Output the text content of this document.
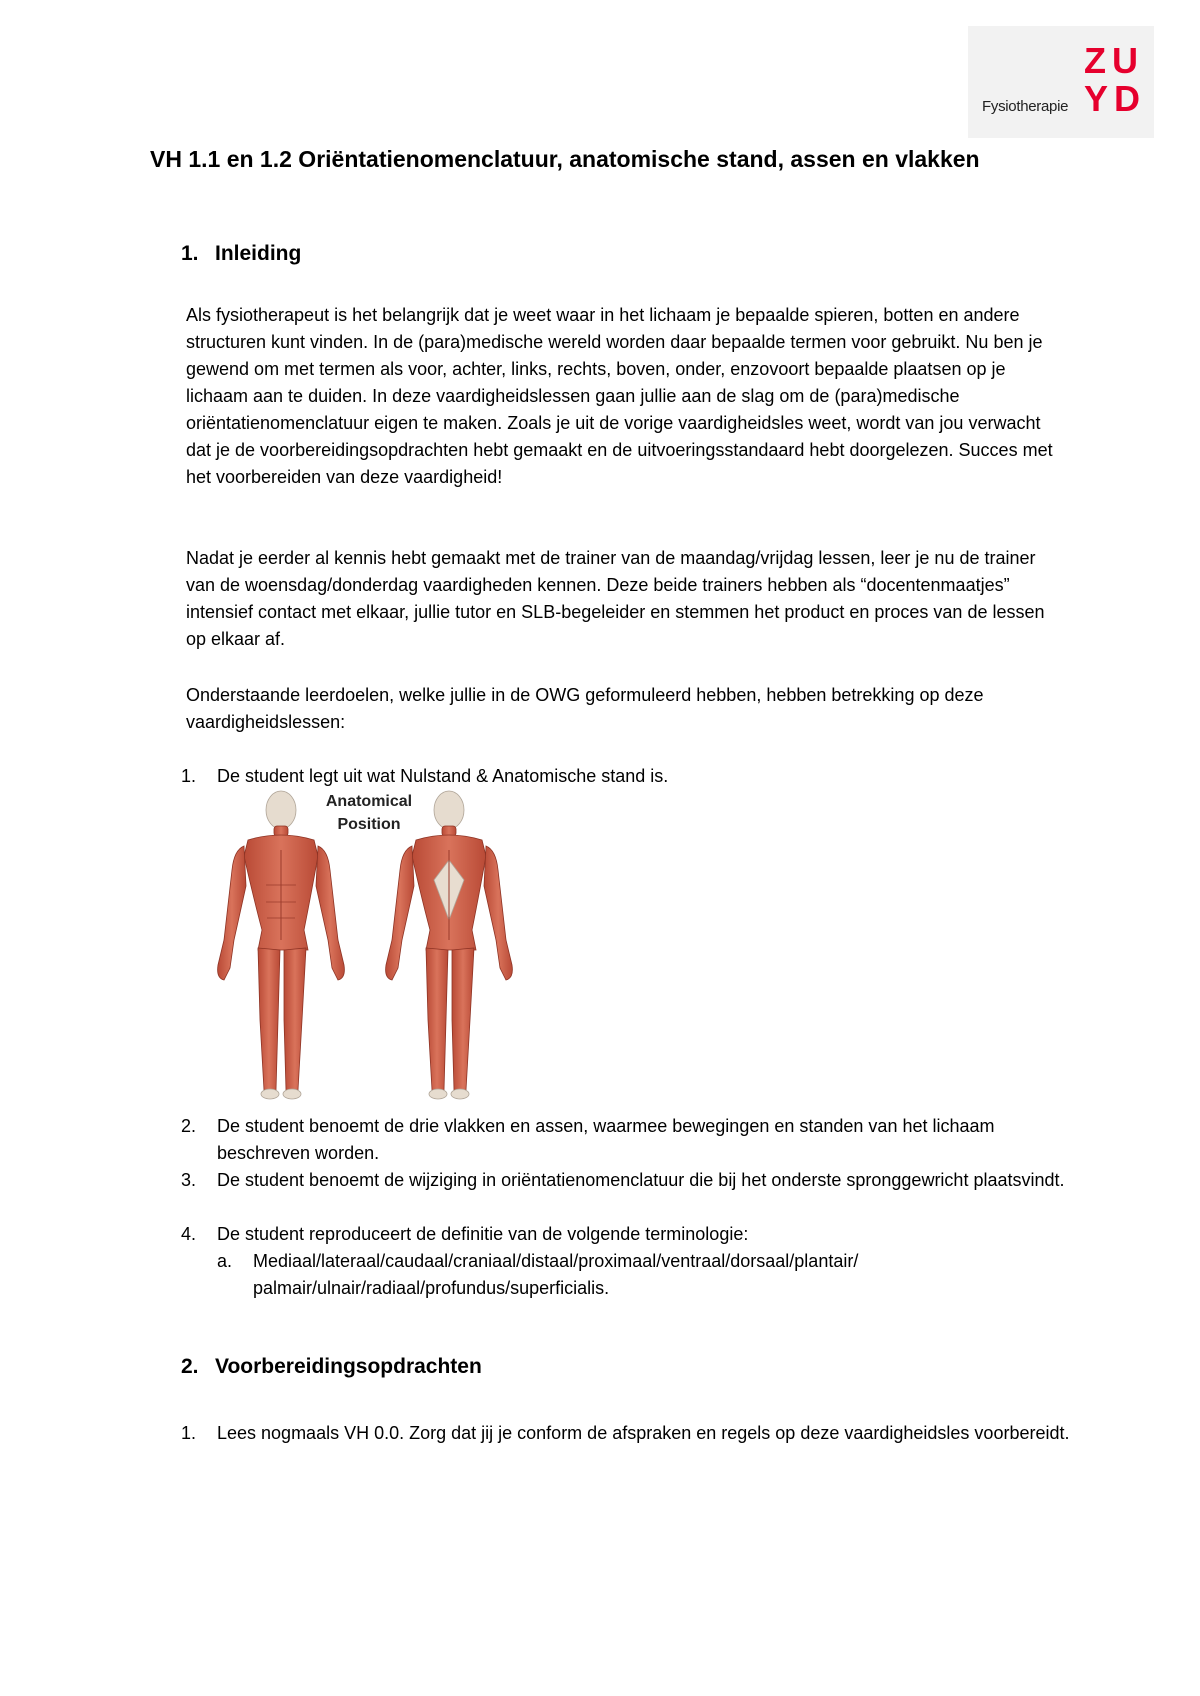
Fysiotherapie
ZU
YD
VH 1.1 en 1.2 Oriëntatienomenclatuur, anatomische stand, assen en vlakken
1. Inleiding

Als fysiotherapeut is het belangrijk dat je weet waar in het lichaam je bepaalde spieren, botten en andere structuren kunt vinden. In de (para)medische wereld worden daar bepaalde termen voor gebruikt. Nu ben je gewend om met termen als voor, achter, links, rechts, boven, onder, enzovoort bepaalde plaatsen op je lichaam aan te duiden. In deze vaardigheidslessen gaan jullie aan de slag om de (para)medische oriëntatienomenclatuur eigen te maken. Zoals je uit de vorige vaardigheidsles weet, wordt van jou verwacht dat je de voorbereidingsopdrachten hebt gemaakt en de uitvoeringsstandaard hebt doorgelezen. Succes met het voorbereiden van deze vaardigheid!

Nadat je eerder al kennis hebt gemaakt met de trainer van de maandag/vrijdag lessen, leer je nu de trainer van de woensdag/donderdag vaardigheden kennen. Deze beide trainers hebben als “docentenmaatjes” intensief contact met elkaar, jullie tutor en SLB-begeleider en stemmen het product en proces van de lessen op elkaar af.

Onderstaande leerdoelen, welke jullie in de OWG geformuleerd hebben, hebben betrekking op deze vaardigheidslessen:

1. De student legt uit wat Nulstand & Anatomische stand is.
Anatomical
Position
2. De student benoemt de drie vlakken en assen, waarmee bewegingen en standen van het lichaam beschreven worden.
3. De student benoemt de wijziging in oriëntatienomenclatuur die bij het onderste spronggewricht plaatsvindt.
4. De student reproduceert de definitie van de volgende terminologie:
a. Mediaal/lateraal/caudaal/craniaal/distaal/proximaal/ventraal/dorsaal/plantair/ palmair/ulnair/radiaal/profundus/superficialis.
2. Voorbereidingsopdrachten
1. Lees nogmaals VH 0.0. Zorg dat jij je conform de afspraken en regels op deze vaardigheidsles voorbereidt.
